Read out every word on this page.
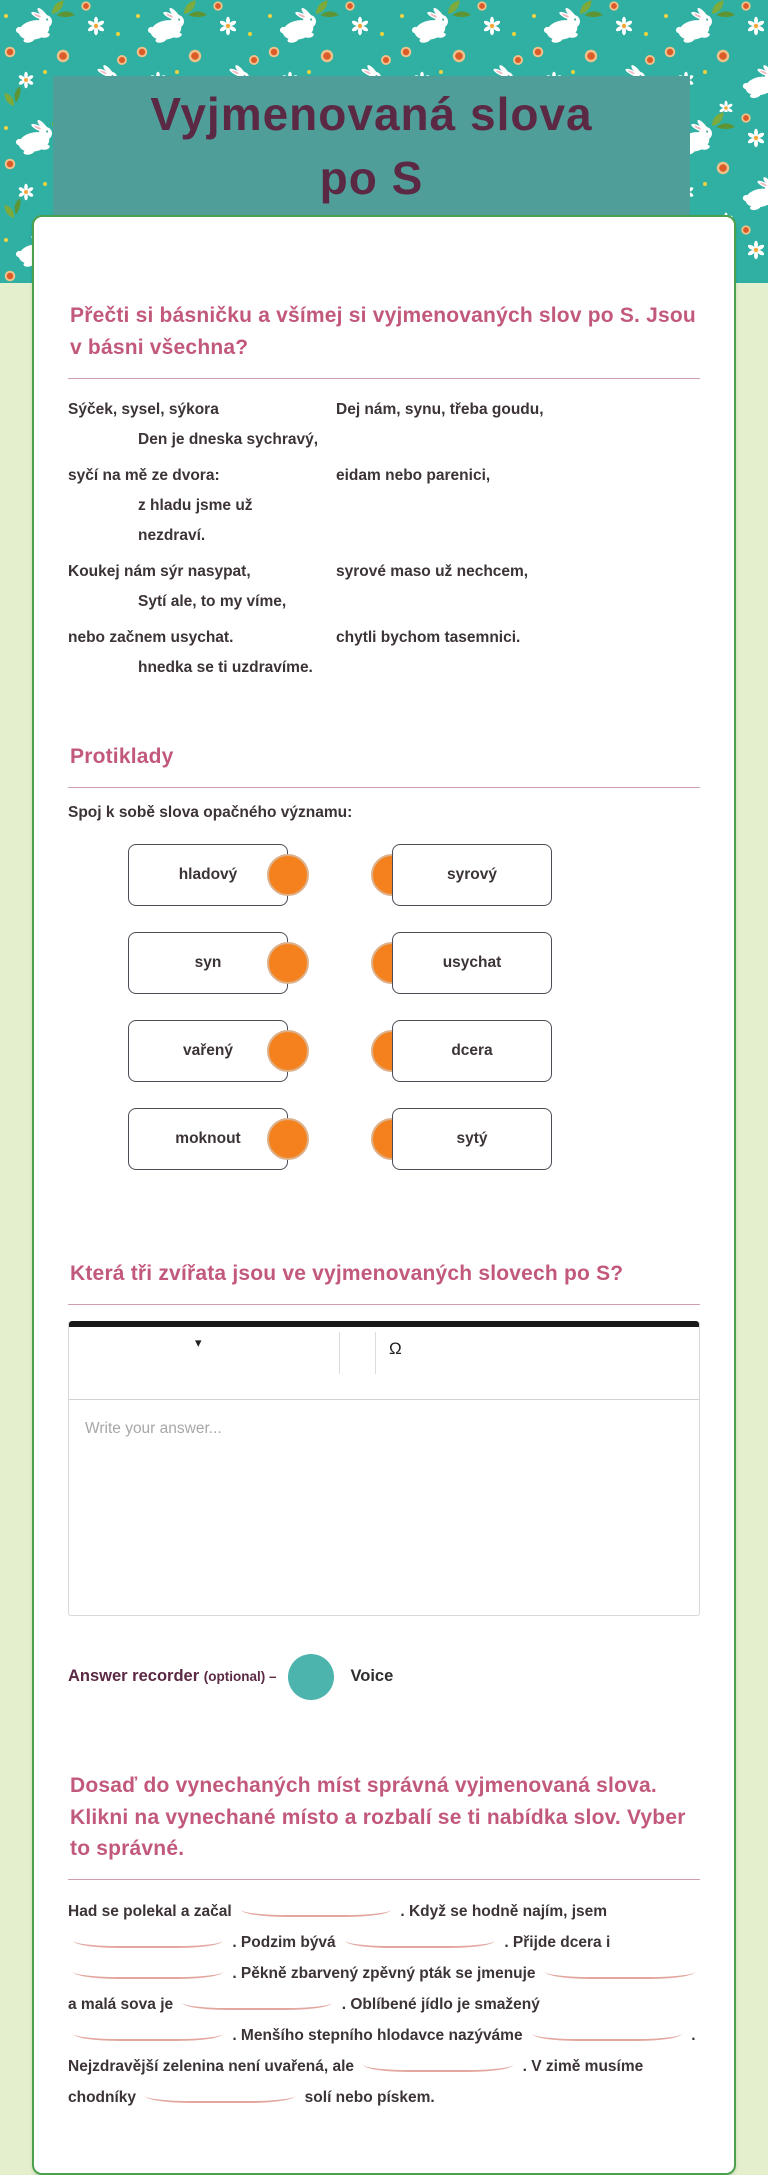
Vyjmenovaná slova
po S
Přečti si básničku a všímej si vyjmenovaných slov po S. Jsou v básni všechna?
Sýček, sysel, sýkora
Den je dneska sychravý,
Dej nám, synu, třeba goudu,
syčí na mě ze dvora:
z hladu jsme už nezdraví.
eidam nebo parenici,
Koukej nám sýr nasypat,
Sytí ale, to my víme,
syrové maso už nechcem,
nebo začnem usychat.
hnedka se ti uzdravíme.
chytli bychom tasemnici.
Protiklady

Spoj k sobě slova opačného významu:

hladový	syrový
syn	usychat
vařený	dcera
moknout	sytý
Která tři zvířata jsou ve vyjmenovaných slovech po S?
▾	Ω
Write your answer...
Answer recorder (optional) –	Voice
Dosaď do vynechaných míst správná vyjmenovaná slova. Klikni na vynechané místo a rozbalí se ti nabídka slov. Vyber to správné.

Had se polekal a začal	. Když se hodně najím, jsem  . Podzim bývá	. Přijde dcera i  . Pěkně zbarvený zpěvný pták se jmenuje  a malá sova je	. Oblíbené jídlo je smažený  . Menšího stepního hlodavce nazýváme	. Nejzdravější zelenina není uvařená, ale	. V zimě musíme chodníky	solí nebo pískem.
